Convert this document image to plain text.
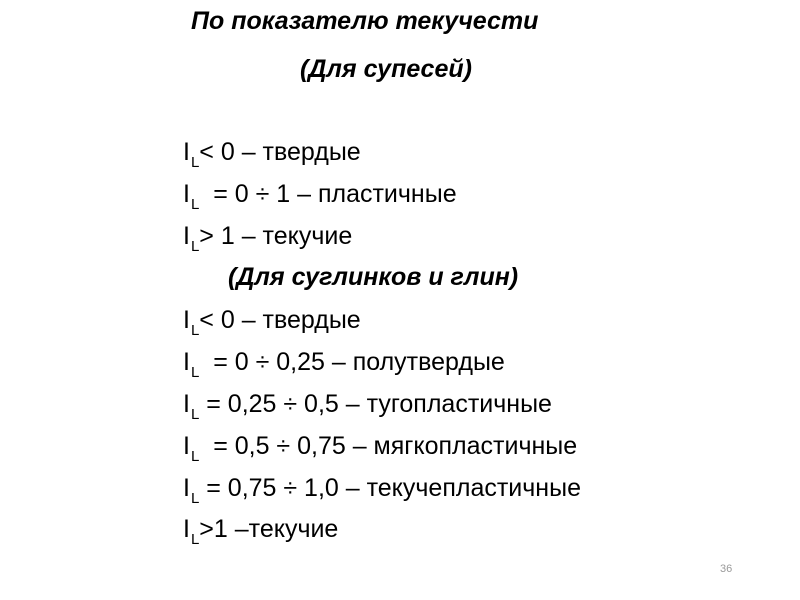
По показателю текучести
(Для супесей)
$I_L< 0$ – твердые
$I_L = 0 \div 1$ – пластичные
$I_L> 1$ – текучие
(Для суглинков и глин)
$I_L< 0$ – твердые
$I_L = 0 \div 0,25$ – полутвердые
$I_L = 0,25 \div 0,5$ – тугопластичные
$I_L = 0,5 \div 0,75$ – мягкопластичные
$I_L = 0,75 \div 1,0$ – текучепластичные
$I_L>1$ –текучие
36
